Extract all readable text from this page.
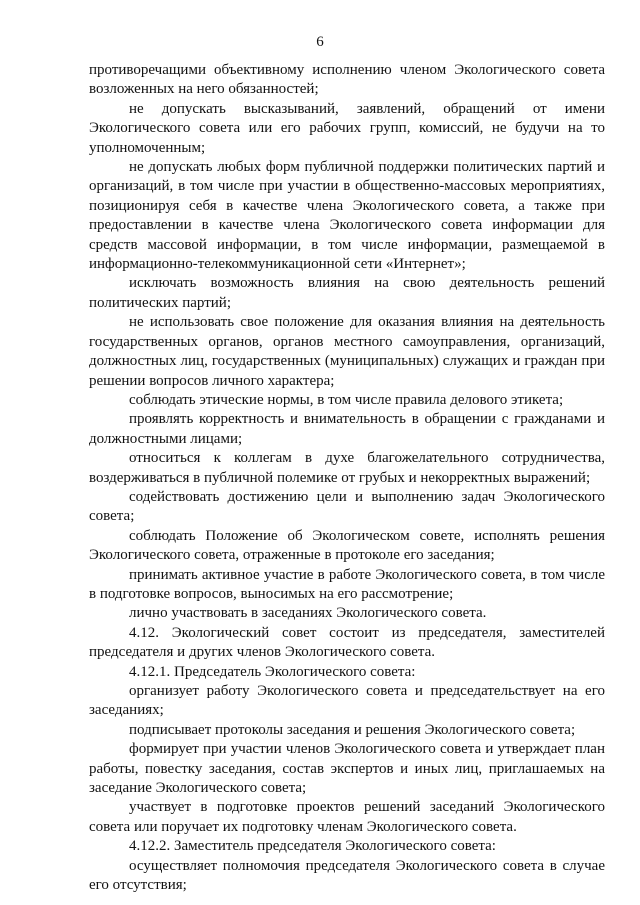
6

противоречащими объективному исполнению членом Экологического совета возложенных на него обязанностей;

не допускать высказываний, заявлений, обращений от имени Экологического совета или его рабочих групп, комиссий, не будучи на то уполномоченным;

не допускать любых форм публичной поддержки политических партий и организаций, в том числе при участии в общественно-массовых мероприятиях, позиционируя себя в качестве члена Экологического совета, а также при предоставлении в качестве члена Экологического совета информации для средств массовой информации, в том числе информации, размещаемой в информационно-телекоммуникационной сети «Интернет»;

исключать возможность влияния на свою деятельность решений политических партий;

не использовать свое положение для оказания влияния на деятельность государственных органов, органов местного самоуправления, организаций, должностных лиц, государственных (муниципальных) служащих и граждан при решении вопросов личного характера;

соблюдать этические нормы, в том числе правила делового этикета;

проявлять корректность и внимательность в обращении с гражданами и должностными лицами;

относиться к коллегам в духе благожелательного сотрудничества, воздерживаться в публичной полемике от грубых и некорректных выражений;

содействовать достижению цели и выполнению задач Экологического совета;

соблюдать Положение об Экологическом совете, исполнять решения Экологического совета, отраженные в протоколе его заседания;

принимать активное участие в работе Экологического совета, в том числе в подготовке вопросов, выносимых на его рассмотрение;

лично участвовать в заседаниях Экологического совета.

4.12. Экологический совет состоит из председателя, заместителей председателя и других членов Экологического совета.

4.12.1. Председатель Экологического совета:

организует работу Экологического совета и председательствует на его заседаниях;

подписывает протоколы заседания и решения Экологического совета;

формирует при участии членов Экологического совета и утверждает план работы, повестку заседания, состав экспертов и иных лиц, приглашаемых на заседание Экологического совета;

участвует в подготовке проектов решений заседаний Экологического совета или поручает их подготовку членам Экологического совета.

4.12.2. Заместитель председателя Экологического совета:

осуществляет полномочия председателя Экологического совета в случае его отсутствия;
